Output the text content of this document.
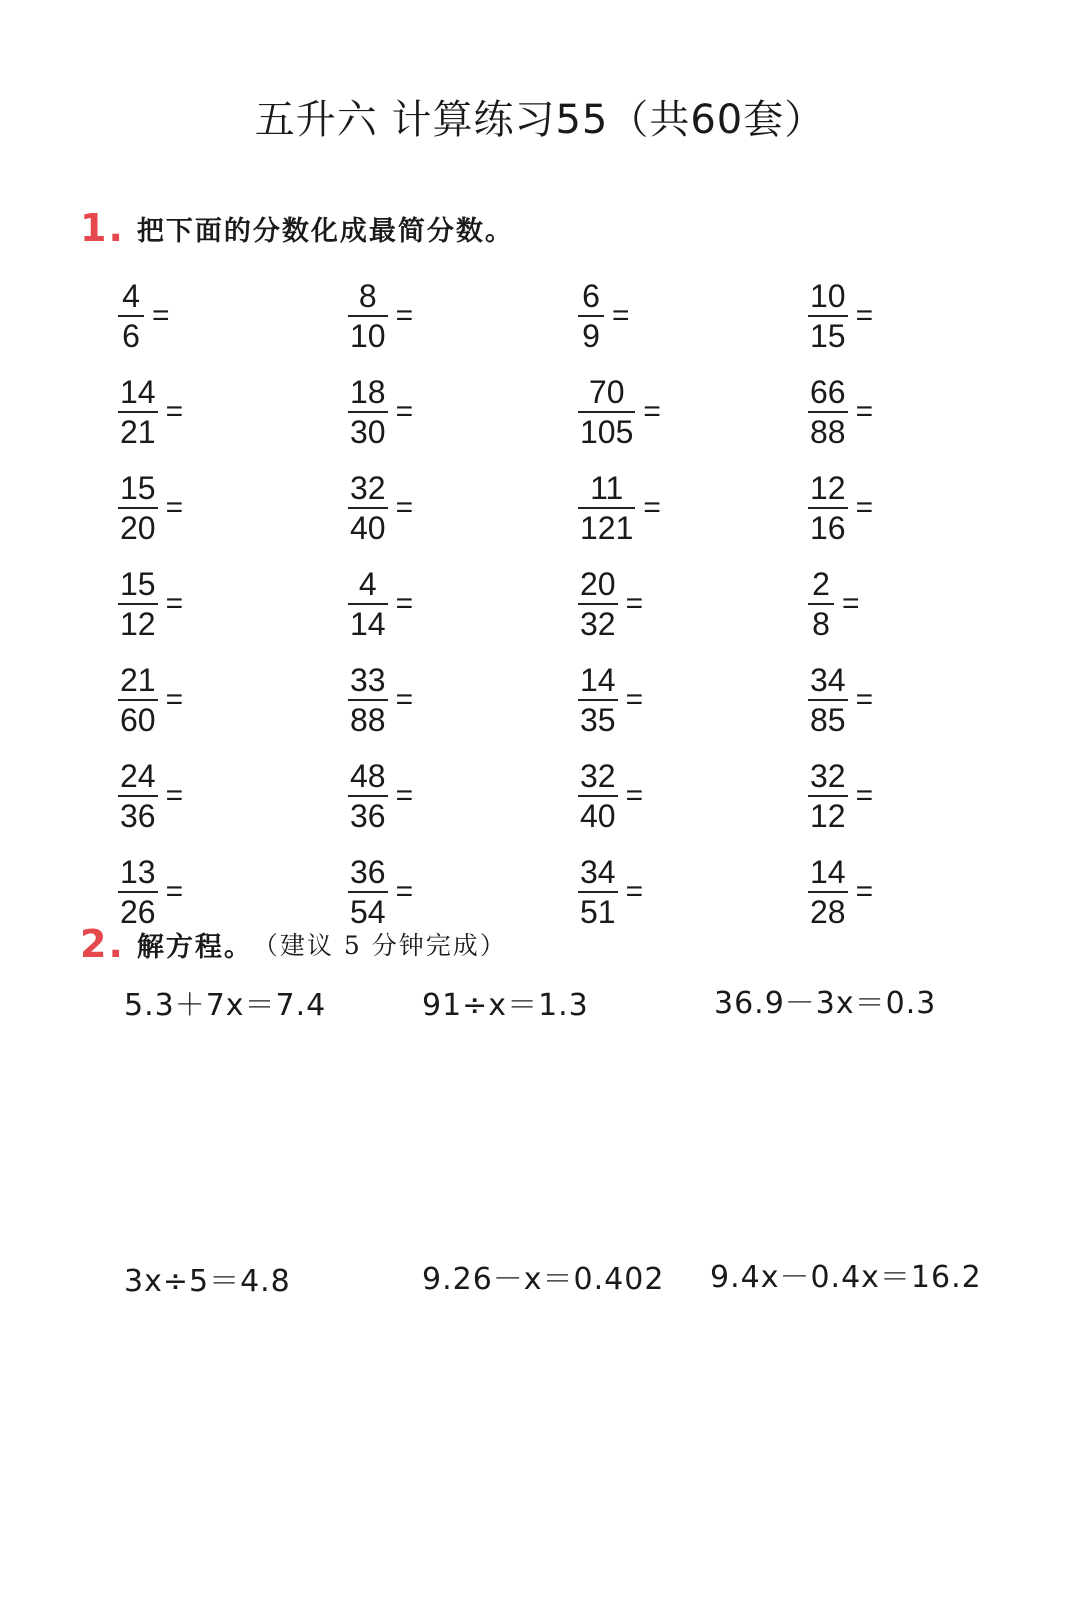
五升六 计算练习55（共60套）
1. 把下面的分数化成最简分数。
$\frac{4}{6}$ =	$\frac{8}{10}$ =	$\frac{6}{9}$ =	$\frac{10}{15}$ =
$\frac{14}{21}$ =	$\frac{18}{30}$ =	$\frac{70}{105}$ =	$\frac{66}{88}$ =
$\frac{15}{20}$ =	$\frac{32}{40}$ =	$\frac{11}{121}$ =	$\frac{12}{16}$ =
$\frac{15}{12}$ =	$\frac{4}{14}$ =	$\frac{20}{32}$ =	$\frac{2}{8}$ =
$\frac{21}{60}$ =	$\frac{33}{88}$ =	$\frac{14}{35}$ =	$\frac{34}{85}$ =
$\frac{24}{36}$ =	$\frac{48}{36}$ =	$\frac{32}{40}$ =	$\frac{32}{12}$ =
$\frac{13}{26}$ =	$\frac{36}{54}$ =	$\frac{34}{51}$ =	$\frac{14}{28}$ =
2. 解方程。 （建议 5 分钟完成）
5.3＋7x＝7.4	91÷x＝1.3	36.9－3x＝0.3
3x÷5＝4.8	9.26－x＝0.402 9.4x－0.4x＝16.2
